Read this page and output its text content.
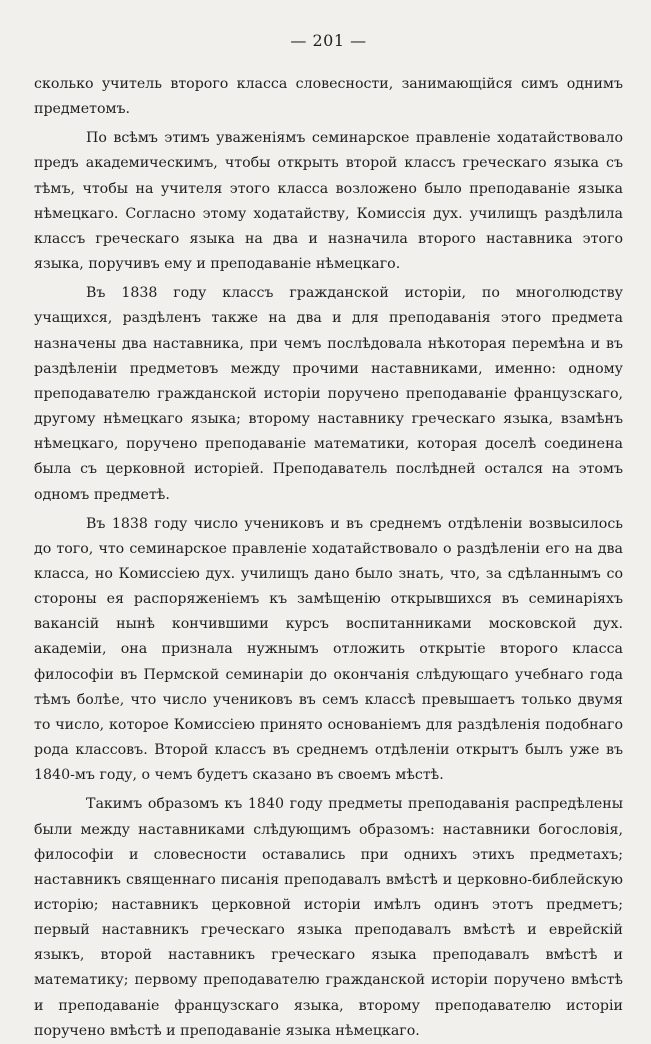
— 201 —

сколько учитель второго класса словесности, занимающійся симъ однимъ предметомъ.

По всѣмъ этимъ уваженіямъ семинарское правленіе ходатайствовало предъ академическимъ, чтобы открыть второй классъ греческаго языка съ тѣмъ, чтобы на учителя этого класса возложено было преподаваніе языка нѣмецкаго. Согласно этому ходатайству, Комиссія дух. училищъ раздѣлила классъ греческаго языка на два и назначила второго наставника этого языка, поручивъ ему и преподаваніе нѣмецкаго.

Въ 1838 году классъ гражданской исторіи, по многолюдству учащихся, раздѣленъ также на два и для преподаванія этого предмета назначены два наставника, при чемъ послѣдовала нѣкоторая перемѣна и въ раздѣленіи предметовъ между прочими наставниками, именно: одному преподавателю гражданской исторіи поручено преподаваніе французскаго, другому нѣмецкаго языка; второму наставнику греческаго языка, взамѣнъ нѣмецкаго, поручено преподаваніе математики, которая доселѣ соединена была съ церковной исторіей. Преподаватель послѣдней остался на этомъ одномъ предметѣ.

Въ 1838 году число учениковъ и въ среднемъ отдѣленіи возвысилось до того, что семинарское правленіе ходатайствовало о раздѣленіи его на два класса, но Комиссіею дух. училищъ дано было знать, что, за сдѣланнымъ со стороны ея распоряженіемъ къ замѣщенію открывшихся въ семинаріяхъ вакансій нынѣ кончившими курсъ воспитанниками московской дух. академіи, она признала нужнымъ отложить открытіе второго класса философіи въ Пермской семинаріи до окончанія слѣдующаго учебнаго года тѣмъ болѣе, что число учениковъ въ семъ классѣ превышаетъ только двумя то число, которое Комиссіею принято основаніемъ для раздѣленія подобнаго рода классовъ. Второй классъ въ среднемъ отдѣленіи открытъ былъ уже въ 1840-мъ году, о чемъ будетъ сказано въ своемъ мѣстѣ.

Такимъ образомъ къ 1840 году предметы преподаванія распредѣлены были между наставниками слѣдующимъ образомъ: наставники богословія, философіи и словесности оставались при однихъ этихъ предметахъ; наставникъ священнаго писанія преподавалъ вмѣстѣ и церковно-библейскую исторію; наставникъ церковной исторіи имѣлъ одинъ этотъ предметъ; первый наставникъ греческаго языка преподавалъ вмѣстѣ и еврейскій языкъ, второй наставникъ греческаго языка преподавалъ вмѣстѣ и математику; первому преподавателю гражданской исторіи поручено вмѣстѣ и преподаваніе французскаго языка, второму преподавателю исторіи поручено вмѣстѣ и преподаваніе языка нѣмецкаго.
